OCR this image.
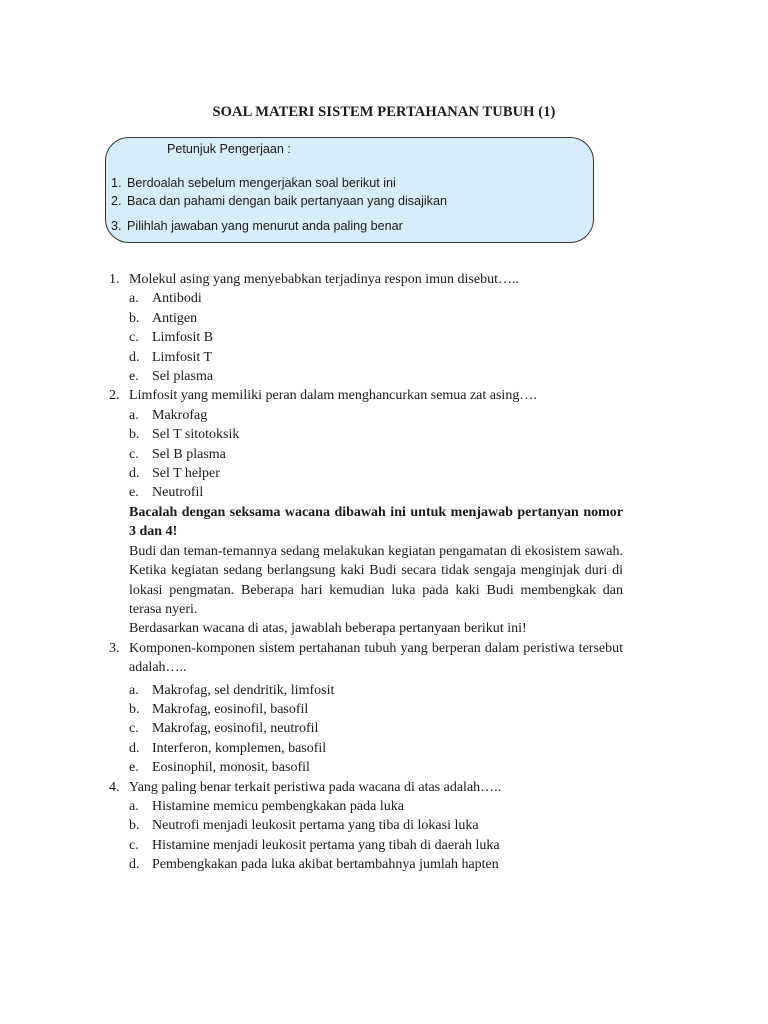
SOAL MATERI SISTEM PERTAHANAN TUBUH (1)
Petunjuk Pengerjaan :
1. Berdoalah sebelum mengerjakan soal berikut ini
2. Baca dan pahami dengan baik pertanyaan yang disajikan
3. Pilihlah jawaban yang menurut anda paling benar
1. Molekul asing yang menyebabkan terjadinya respon imun disebut…..
a. Antibodi
b. Antigen
c. Limfosit B
d. Limfosit T
e. Sel plasma
2. Limfosit yang memiliki peran dalam menghancurkan semua zat asing….
a. Makrofag
b. Sel T sitotoksik
c. Sel B plasma
d. Sel T helper
e. Neutrofil
Bacalah dengan seksama wacana dibawah ini untuk menjawab pertanyan nomor 3 dan 4!
Budi dan teman-temannya sedang melakukan kegiatan pengamatan di ekosistem sawah. Ketika kegiatan sedang berlangsung kaki Budi secara tidak sengaja menginjak duri di lokasi pengmatan. Beberapa hari kemudian luka pada kaki Budi membengkak dan terasa nyeri.
Berdasarkan wacana di atas, jawablah beberapa pertanyaan berikut ini!
3. Komponen-komponen sistem pertahanan tubuh yang berperan dalam peristiwa tersebut adalah…..
a. Makrofag, sel dendritik, limfosit
b. Makrofag, eosinofil, basofil
c. Makrofag, eosinofil, neutrofil
d. Interferon, komplemen, basofil
e. Eosinophil, monosit, basofil
4. Yang paling benar terkait peristiwa pada wacana di atas adalah…..
a. Histamine memicu pembengkakan pada luka
b. Neutrofi menjadi leukosit pertama yang tiba di lokasi luka
c. Histamine menjadi leukosit pertama yang tibah di daerah luka
d. Pembengkakan pada luka akibat bertambahnya jumlah hapten
